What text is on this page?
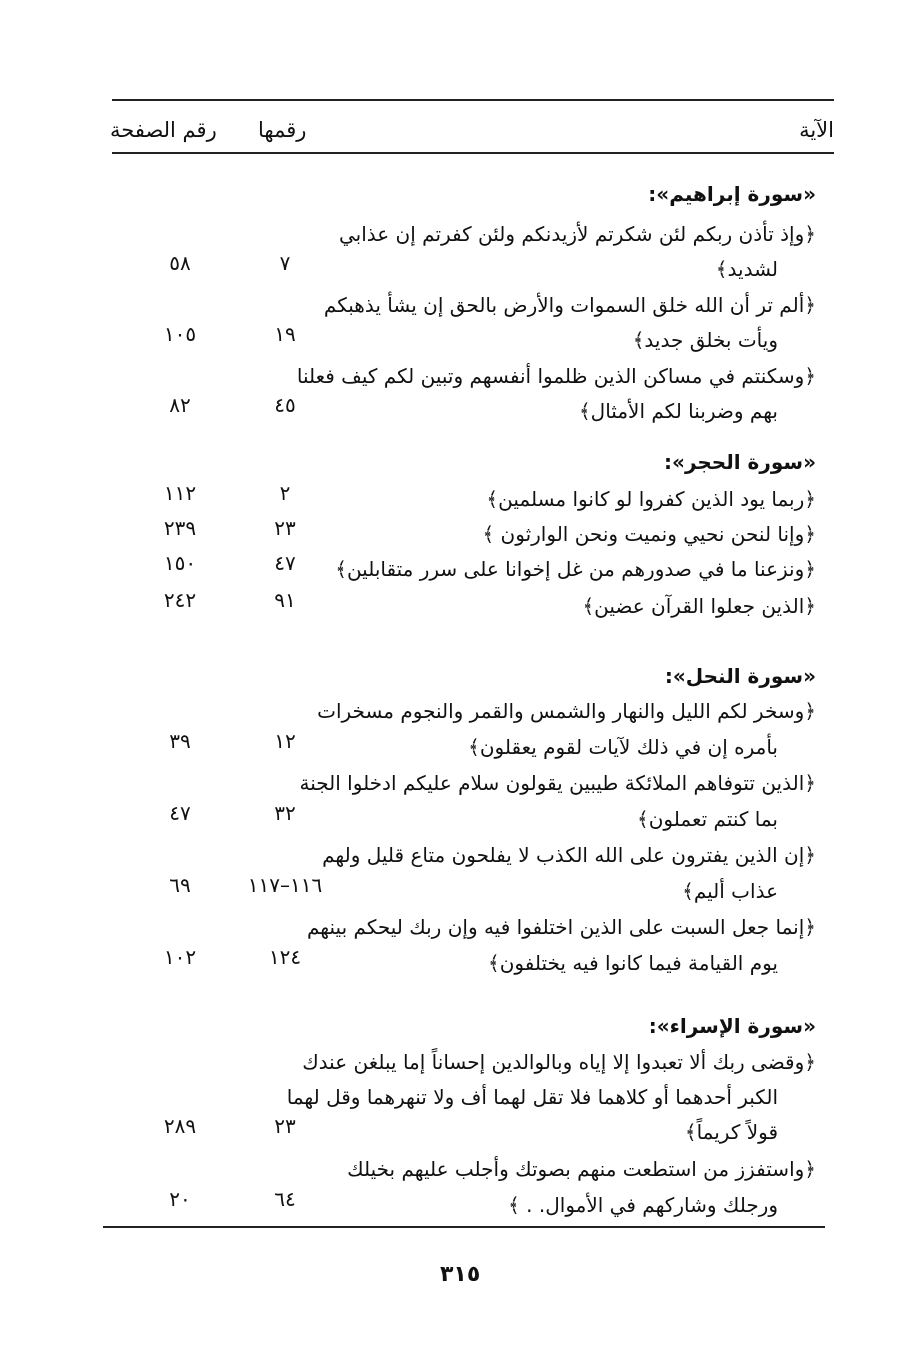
الآية
رقمها
رقم الصفحة
«سورة إبراهيم»:
﴿وإذ تأذن ربكم لئن شكرتم لأزيدنكم ولئن كفرتم إن عذابي
لشديد﴾
٧
٥٨
﴿ألم تر أن الله خلق السموات والأرض بالحق إن يشأ يذهبكم
ويأت بخلق جديد﴾
١٩
١٠٥
﴿وسكنتم في مساكن الذين ظلموا أنفسهم وتبين لكم كيف فعلنا
بهم وضربنا لكم الأمثال﴾
٤٥
٨٢
«سورة الحجر»:
﴿ربما يود الذين كفروا لو كانوا مسلمين﴾
٢
١١٢
﴿وإنا لنحن نحيي ونميت ونحن الوارثون ﴾
٢٣
٢٣٩
﴿ونزعنا ما في صدورهم من غل إخوانا على سرر متقابلين﴾
٤٧
١٥٠
﴿الذين جعلوا القرآن عضين﴾
٩١
٢٤٢
«سورة النحل»:
﴿وسخر لكم الليل والنهار والشمس والقمر والنجوم مسخرات
بأمره إن في ذلك لآيات لقوم يعقلون﴾
١٢
٣٩
﴿الذين تتوفاهم الملائكة طيبين يقولون سلام عليكم ادخلوا الجنة
بما كنتم تعملون﴾
٣٢
٤٧
﴿إن الذين يفترون على الله الكذب لا يفلحون متاع قليل ولهم
عذاب أليم﴾
١١٦–١١٧
٦٩
﴿إنما جعل السبت على الذين اختلفوا فيه وإن ربك ليحكم بينهم
يوم القيامة فيما كانوا فيه يختلفون﴾
١٢٤
١٠٢
«سورة الإسراء»:
﴿وقضى ربك ألا تعبدوا إلا إياه وبالوالدين إحساناً إما يبلغن عندك
الكبر أحدهما أو كلاهما فلا تقل لهما أف ولا تنهرهما وقل لهما
قولاً كريماً﴾
٢٣
٢٨٩
﴿واستفزز من استطعت منهم بصوتك وأجلب عليهم بخيلك
ورجلك وشاركهم في الأموال. . ﴾
٦٤
٢٠
٣١٥
